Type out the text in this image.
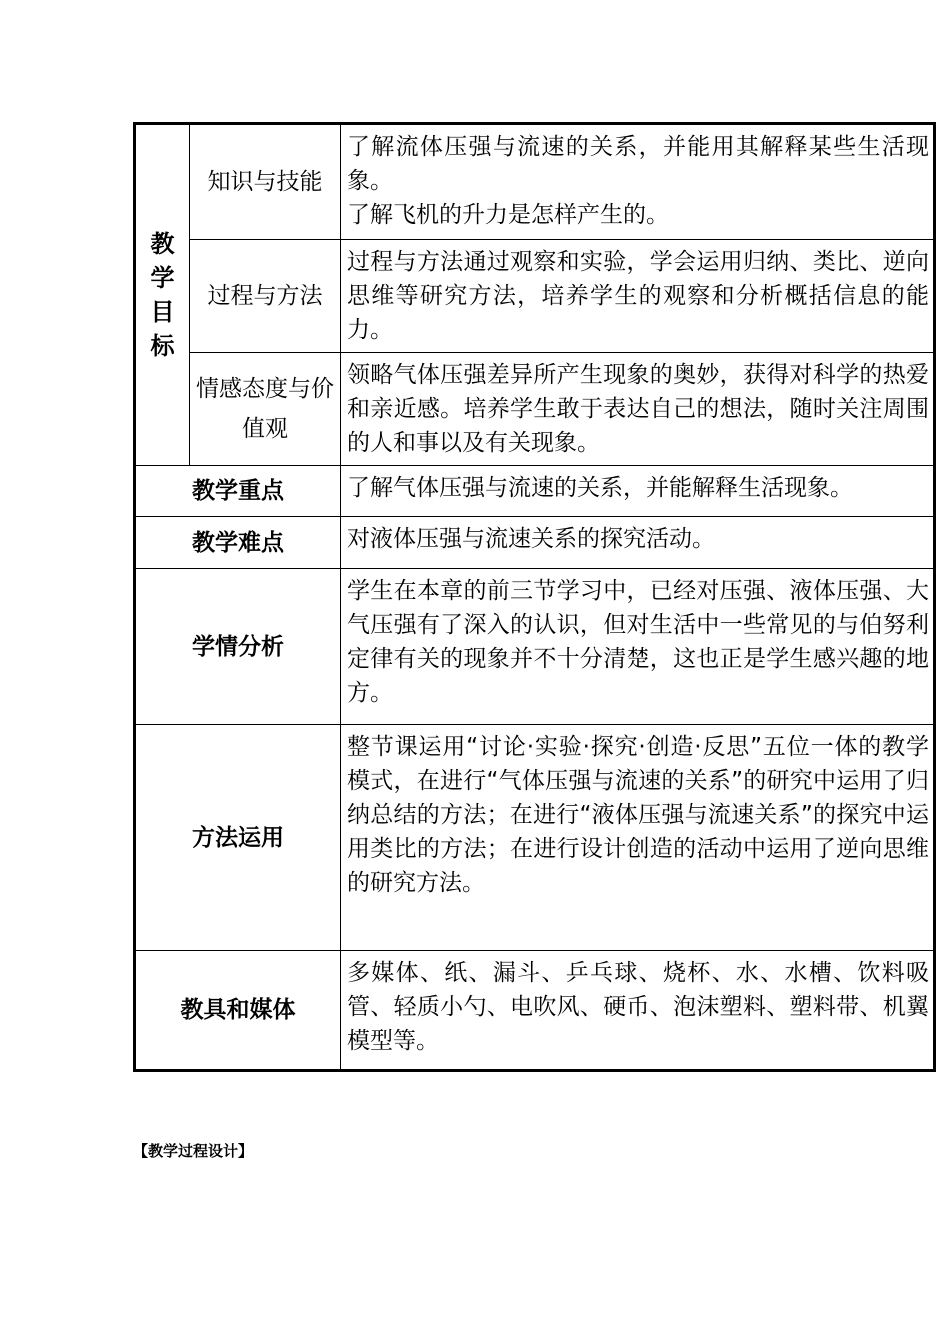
教学目标	知识与技能	了解流体压强与流速的关系，并能用其解释某些生活现象。
了解飞机的升力是怎样产生的。

	过程与方法	过程与方法通过观察和实验，学会运用归纳、类比、逆向思维等研究方法，培养学生的观察和分析概括信息的能力。

	情感态度与价值观	领略气体压强差异所产生现象的奥妙，获得对科学的热爱和亲近感。培养学生敢于表达自己的想法，随时关注周围的人和事以及有关现象。

教学重点		了解气体压强与流速的关系，并能解释生活现象。
教学难点		对液体压强与流速关系的探究活动。
学情分析		学生在本章的前三节学习中，已经对压强、液体压强、大气压强有了深入的认识，但对生活中一些常见的与伯努利定律有关的现象并不十分清楚，这也正是学生感兴趣的地方。
方法运用		整节课运用“讨论·实验·探究·创造·反思”五位一体的教学模式，在进行“气体压强与流速的关系”的研究中运用了归纳总结的方法；在进行“液体压强与流速关系”的探究中运用类比的方法；在进行设计创造的活动中运用了逆向思维的研究方法。
教具和媒体		多媒体、纸、漏斗、乒乓球、烧杯、水、水槽、饮料吸管、轻质小勺、电吹风、硬币、泡沫塑料、塑料带、机翼模型等。
【教学过程设计】
